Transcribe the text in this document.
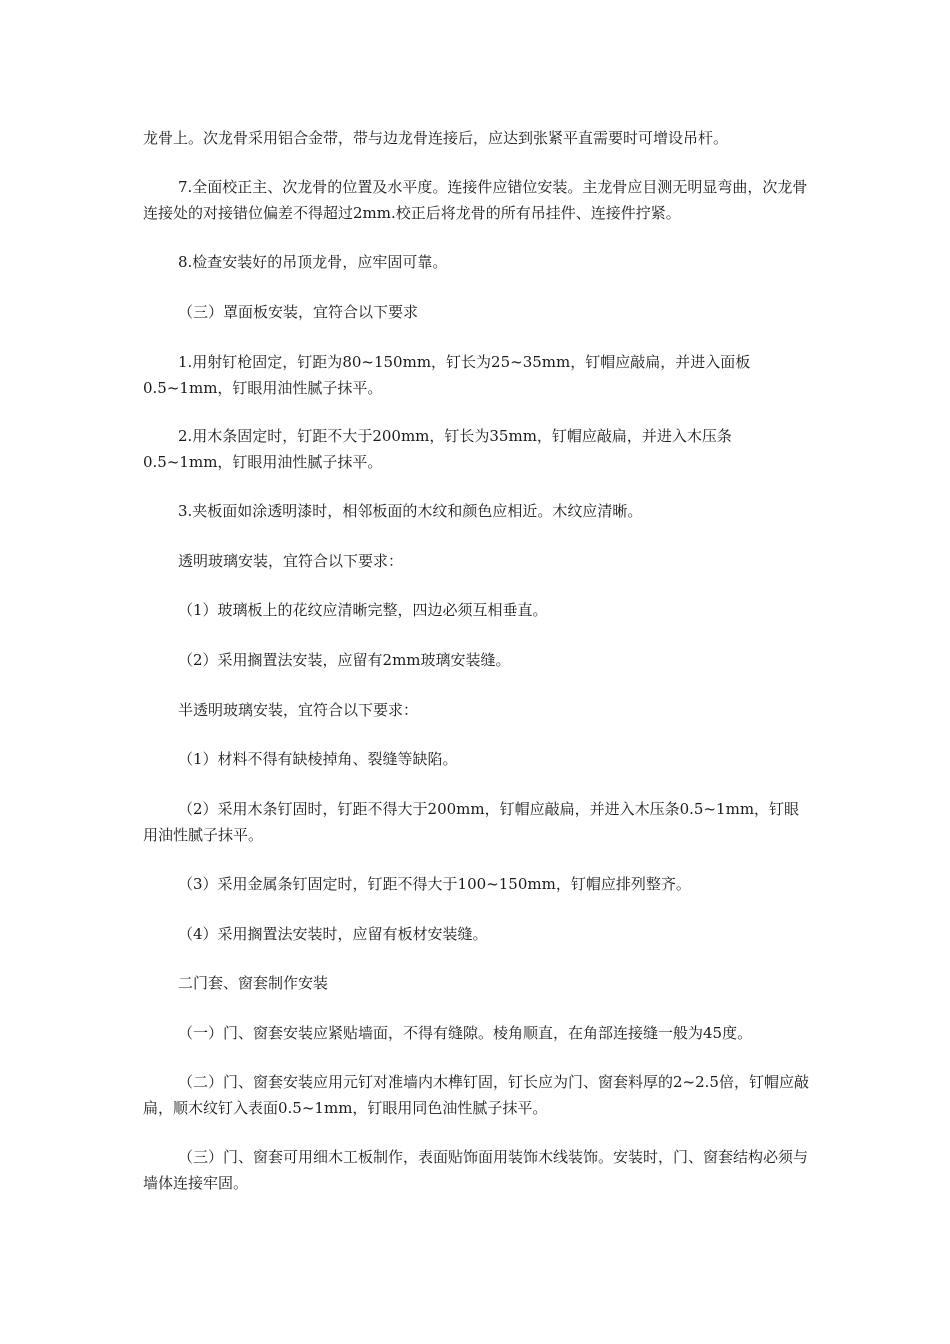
龙骨上。次龙骨采用铝合金带，带与边龙骨连接后，应达到张紧平直需要时可增设吊杆。

7.全面校正主、次龙骨的位置及水平度。连接件应错位安装。主龙骨应目测无明显弯曲，次龙骨连接处的对接错位偏差不得超过2mm.校正后将龙骨的所有吊挂件、连接件拧紧。

8.检查安装好的吊顶龙骨，应牢固可靠。

（三）罩面板安装，宜符合以下要求

1.用射钉枪固定，钉距为80~150mm，钉长为25~35mm，钉帽应敲扁，并进入面板0.5~1mm，钉眼用油性腻子抹平。

2.用木条固定时，钉距不大于200mm，钉长为35mm，钉帽应敲扁，并进入木压条0.5~1mm，钉眼用油性腻子抹平。

3.夹板面如涂透明漆时，相邻板面的木纹和颜色应相近。木纹应清晰。

透明玻璃安装，宜符合以下要求：

（1）玻璃板上的花纹应清晰完整，四边必须互相垂直。

（2）采用搁置法安装，应留有2mm玻璃安装缝。

半透明玻璃安装，宜符合以下要求：

（1）材料不得有缺棱掉角、裂缝等缺陷。

（2）采用木条钉固时，钉距不得大于200mm，钉帽应敲扁，并进入木压条0.5~1mm，钉眼用油性腻子抹平。

（3）采用金属条钉固定时，钉距不得大于100~150mm，钉帽应排列整齐。

（4）采用搁置法安装时，应留有板材安装缝。

二门套、窗套制作安装

（一）门、窗套安装应紧贴墙面，不得有缝隙。棱角顺直，在角部连接缝一般为45度。

（二）门、窗套安装应用元钉对准墙内木榫钉固，钉长应为门、窗套料厚的2~2.5倍，钉帽应敲扁，顺木纹钉入表面0.5~1mm，钉眼用同色油性腻子抹平。

（三）门、窗套可用细木工板制作，表面贴饰面用装饰木线装饰。安装时，门、窗套结构必须与墙体连接牢固。
